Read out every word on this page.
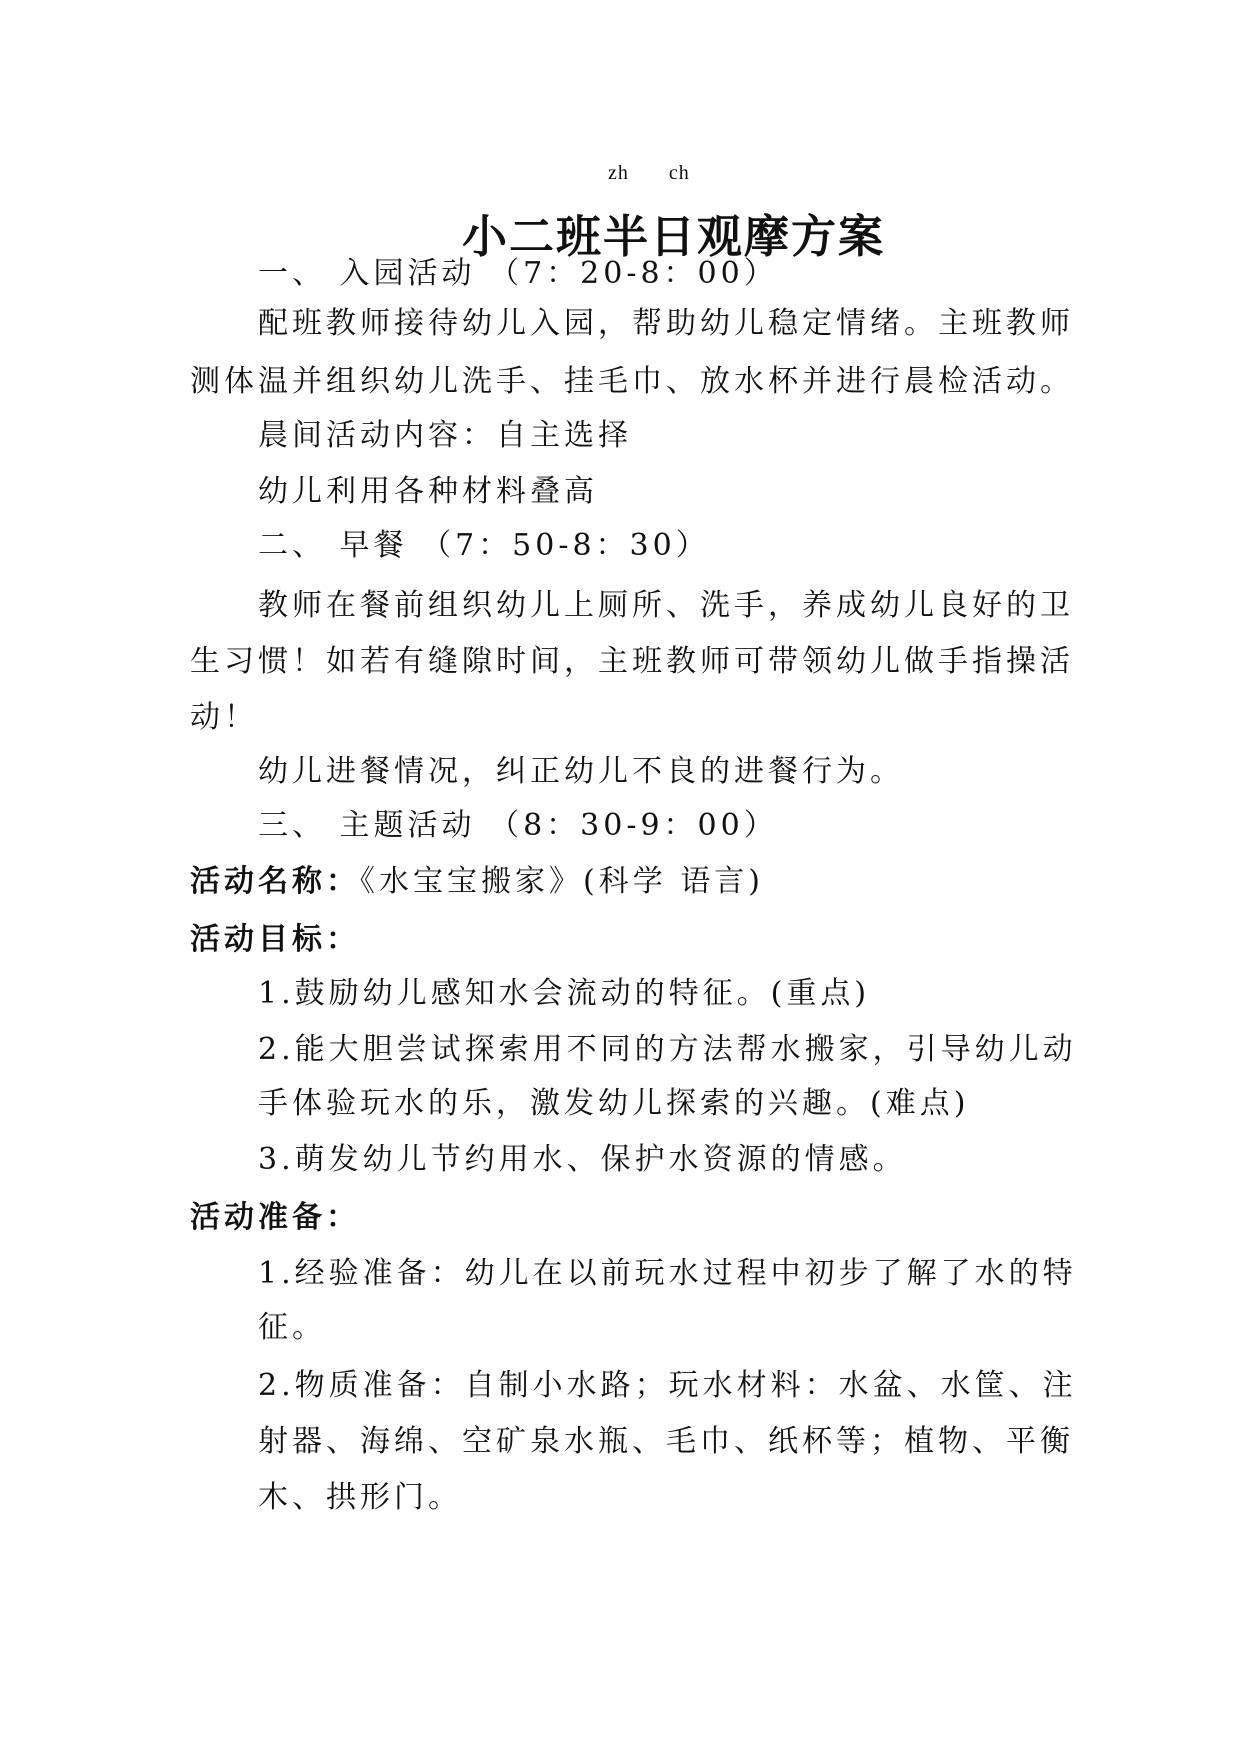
zh  ch
小二班半日观摩方案
一、 入园活动 （7：20-8：00）
配班教师接待幼儿入园，帮助幼儿稳定情绪。主班教师
测体温并组织幼儿洗手、挂毛巾、放水杯并进行晨检活动。
晨间活动内容：自主选择
幼儿利用各种材料叠高
二、 早餐 （7：50-8：30）
教师在餐前组织幼儿上厕所、洗手，养成幼儿良好的卫
生习惯！如若有缝隙时间，主班教师可带领幼儿做手指操活
动！
幼儿进餐情况，纠正幼儿不良的进餐行为。
三、 主题活动 （8：30-9：00）
活动名称：《水宝宝搬家》(科学 语言)
活动目标：
1.鼓励幼儿感知水会流动的特征。(重点)
2.能大胆尝试探索用不同的方法帮水搬家，引导幼儿动
手体验玩水的乐，激发幼儿探索的兴趣。(难点)
3.萌发幼儿节约用水、保护水资源的情感。
活动准备：
1.经验准备：幼儿在以前玩水过程中初步了解了水的特
征。
2.物质准备：自制小水路；玩水材料：水盆、水筐、注
射器、海绵、空矿泉水瓶、毛巾、纸杯等；植物、平衡
木、拱形门。
